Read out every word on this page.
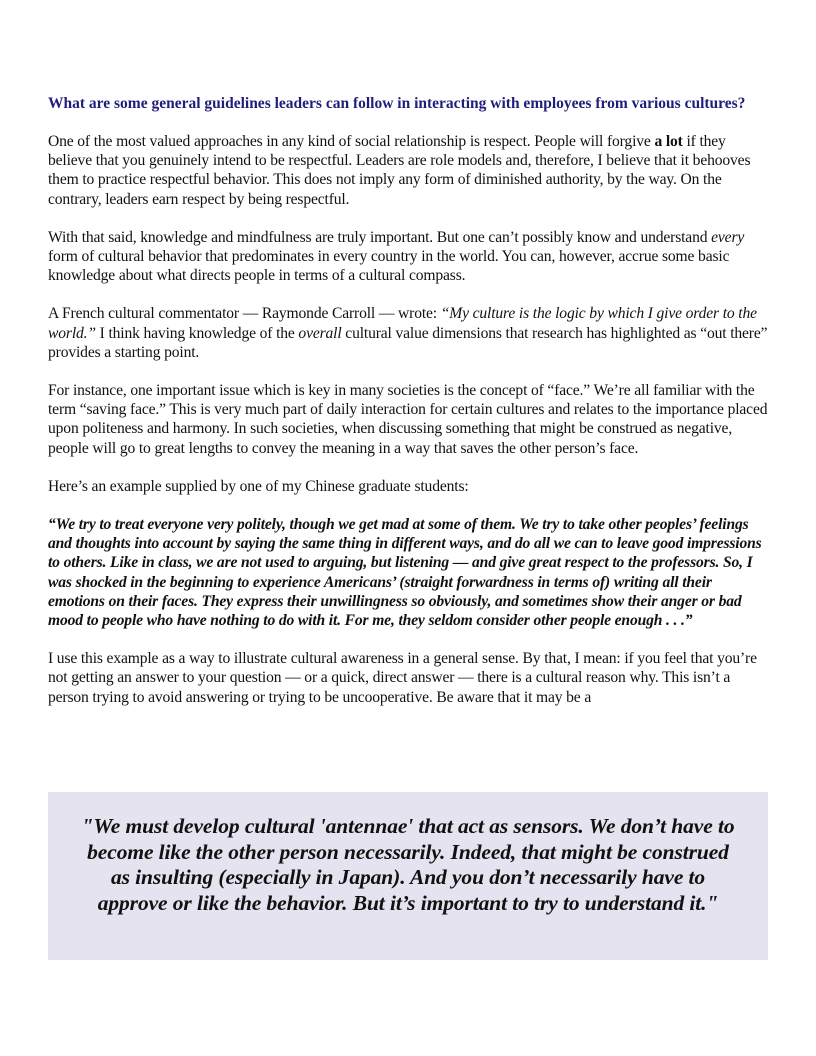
What are some general guidelines leaders can follow in interacting with employees from various cultures?

One of the most valued approaches in any kind of social relationship is respect. People will forgive a lot if they believe that you genuinely intend to be respectful. Leaders are role models and, therefore, I believe that it behooves them to practice respectful behavior. This does not imply any form of diminished authority, by the way. On the contrary, leaders earn respect by being respectful.

With that said, knowledge and mindfulness are truly important. But one can’t possibly know and understand every form of cultural behavior that predominates in every country in the world. You can, however, accrue some basic knowledge about what directs people in terms of a cultural compass.

A French cultural commentator — Raymonde Carroll — wrote: “My culture is the logic by which I give order to the world.” I think having knowledge of the overall cultural value dimensions that research has highlighted as “out there” provides a starting point.

For instance, one important issue which is key in many societies is the concept of “face.” We’re all familiar with the term “saving face.” This is very much part of daily interaction for certain cultures and relates to the importance placed upon politeness and harmony. In such societies, when discussing something that might be construed as negative, people will go to great lengths to convey the meaning in a way that saves the other person’s face.

Here’s an example supplied by one of my Chinese graduate students:

“We try to treat everyone very politely, though we get mad at some of them. We try to take other peoples’ feelings and thoughts into account by saying the same thing in different ways, and do all we can to leave good impressions to others. Like in class, we are not used to arguing, but listening — and give great respect to the professors. So, I was shocked in the beginning to experience Americans’ (straight forwardness in terms of) writing all their emotions on their faces. They express their unwillingness so obviously, and sometimes show their anger or bad mood to people who have nothing to do with it. For me, they seldom consider other people enough . . .”

I use this example as a way to illustrate cultural awareness in a general sense. By that, I mean: if you feel that you’re not getting an answer to your question — or a quick, direct answer — there is a cultural reason why. This isn’t a person trying to avoid answering or trying to be uncooperative. Be aware that it may be a

"We must develop cultural 'antennae' that act as sensors. We don’t have to become like the other person necessarily. Indeed, that might be construed as insulting (especially in Japan). And you don’t necessarily have to approve or like the behavior. But it’s important to try to understand it."
